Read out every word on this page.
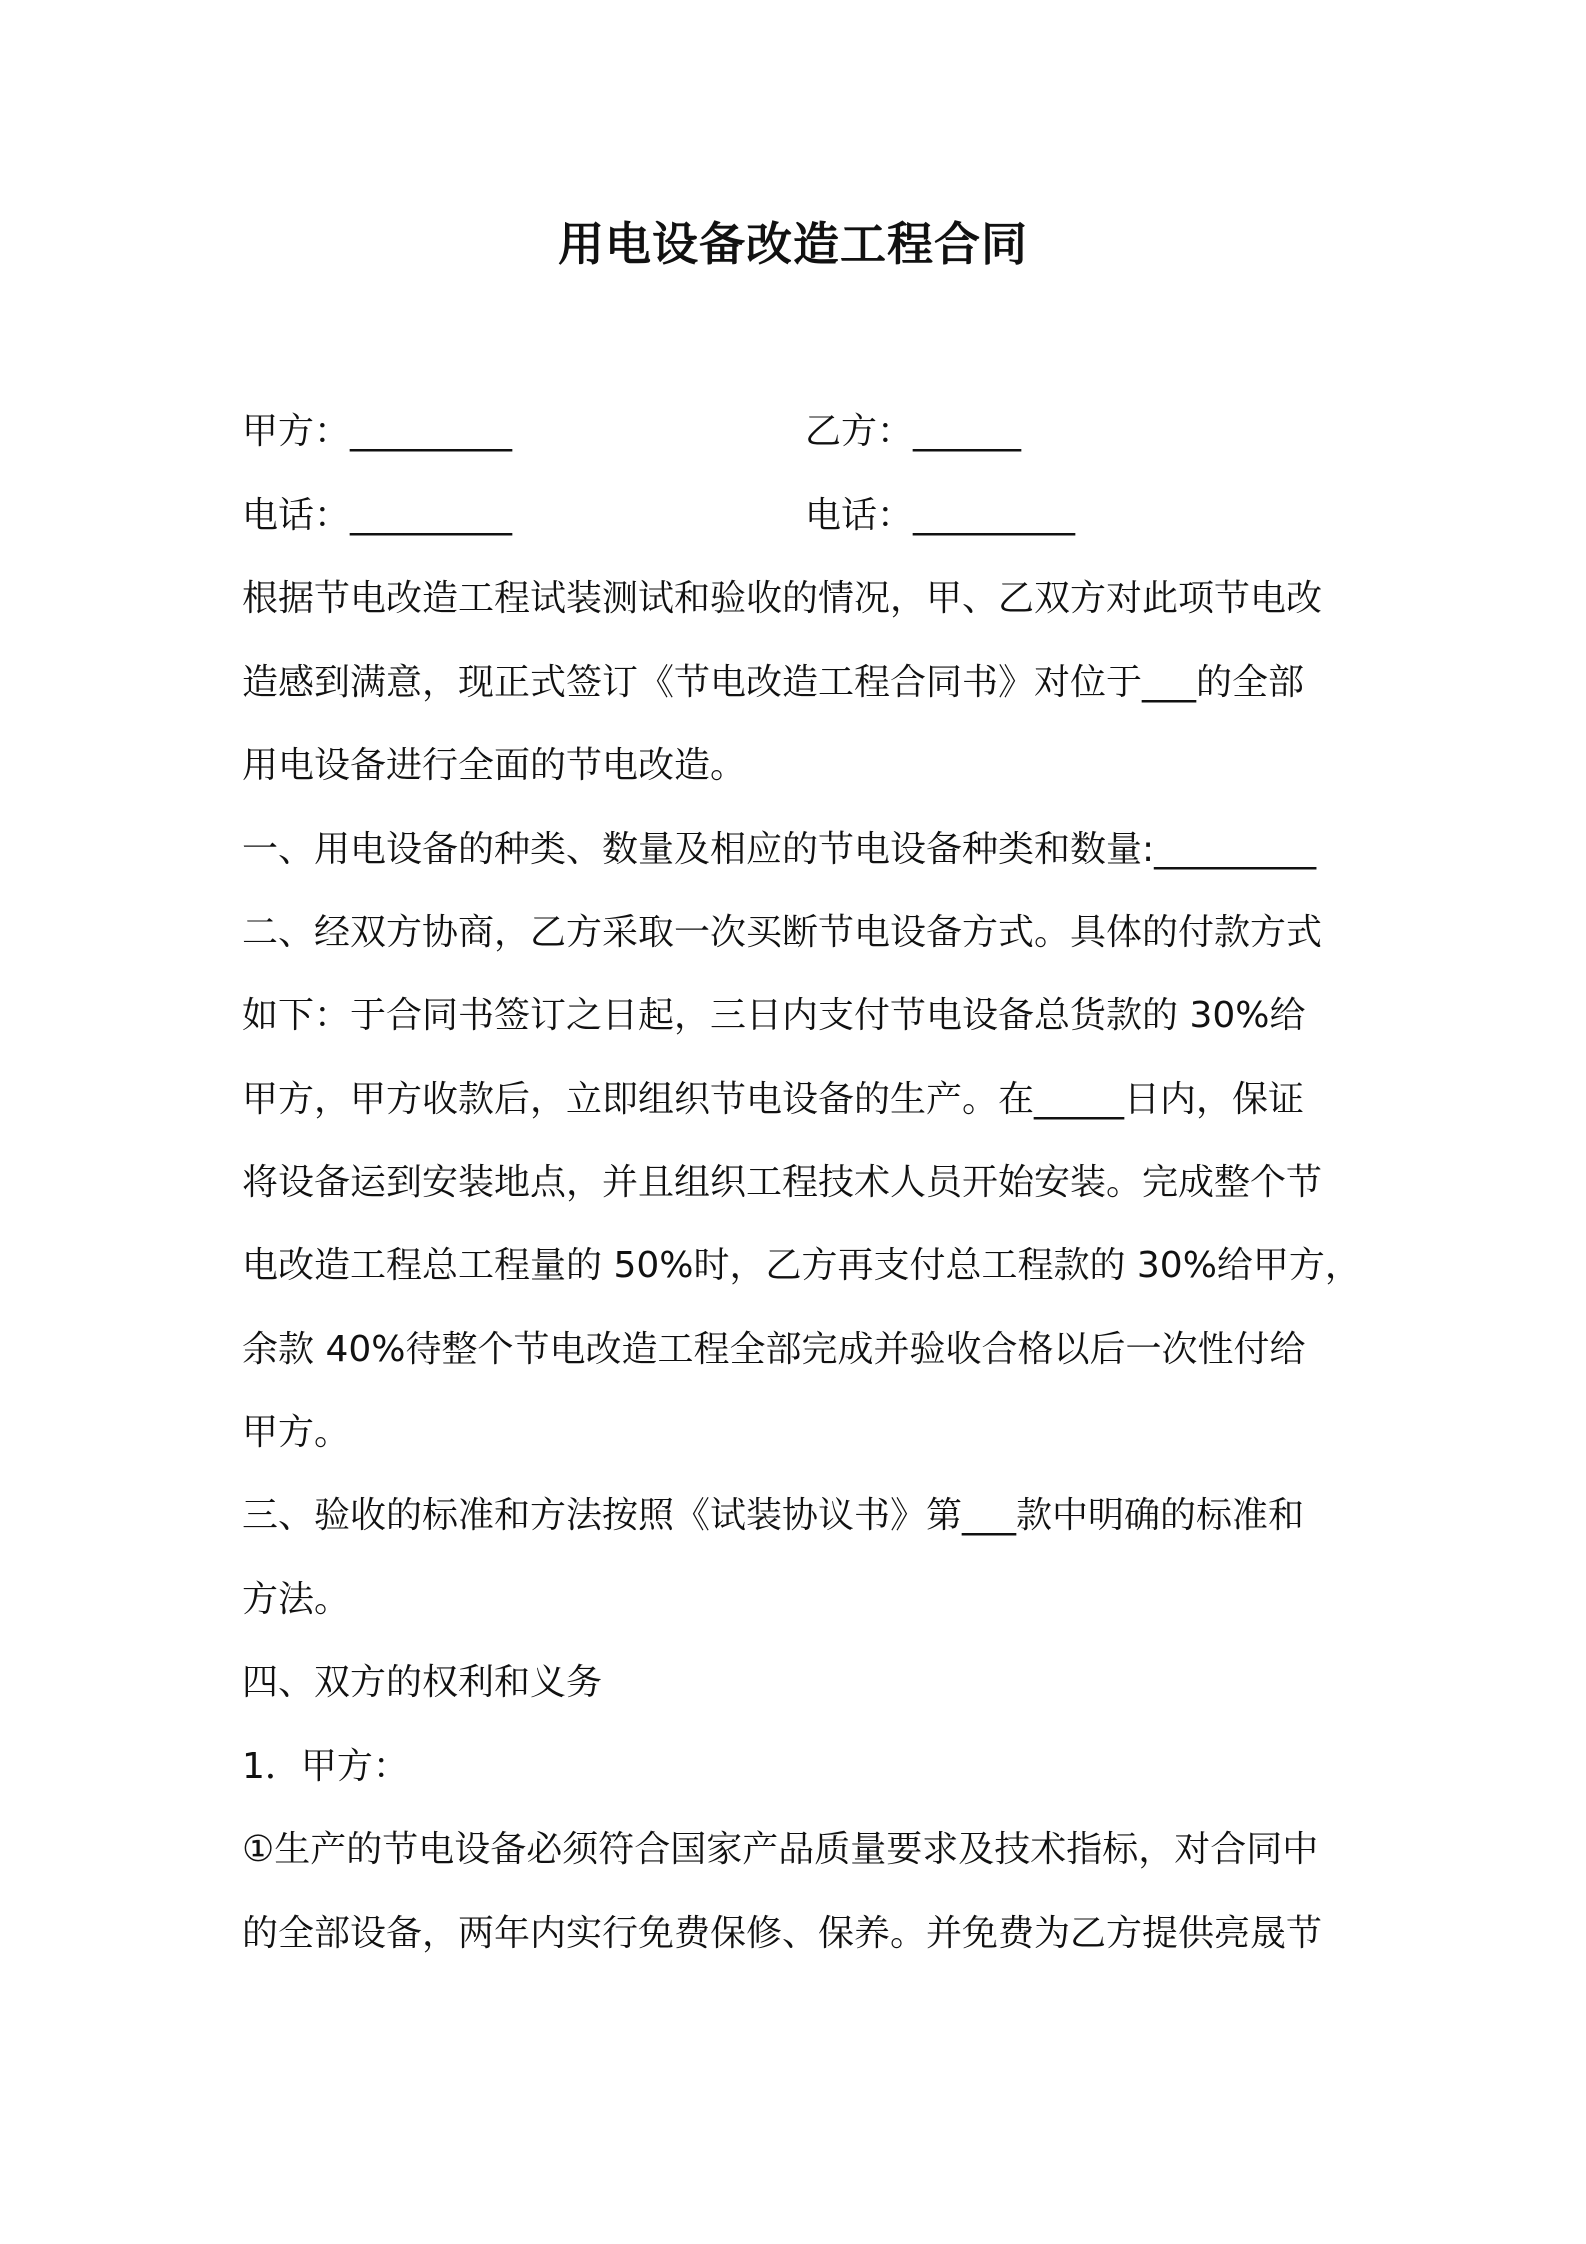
用电设备改造工程合同

甲方：_________	乙方：______

电话：_________	电话：_________

根据节电改造工程试装测试和验收的情况，甲、乙双方对此项节电改

造感到满意，现正式签订《节电改造工程合同书》对位于___的全部

用电设备进行全面的节电改造。

一、用电设备的种类、数量及相应的节电设备种类和数量:_________

二、经双方协商，乙方采取一次买断节电设备方式。具体的付款方式

如下：于合同书签订之日起，三日内支付节电设备总货款的 30%给

甲方，甲方收款后，立即组织节电设备的生产。在_____日内，保证

将设备运到安装地点，并且组织工程技术人员开始安装。完成整个节

电改造工程总工程量的 50%时，乙方再支付总工程款的 30%给甲方，

余款 40%待整个节电改造工程全部完成并验收合格以后一次性付给

甲方。

三、验收的标准和方法按照《试装协议书》第___款中明确的标准和

方法。

四、双方的权利和义务

1．甲方：

①生产的节电设备必须符合国家产品质量要求及技术指标，对合同中

的全部设备，两年内实行免费保修、保养。并免费为乙方提供亮晟节
